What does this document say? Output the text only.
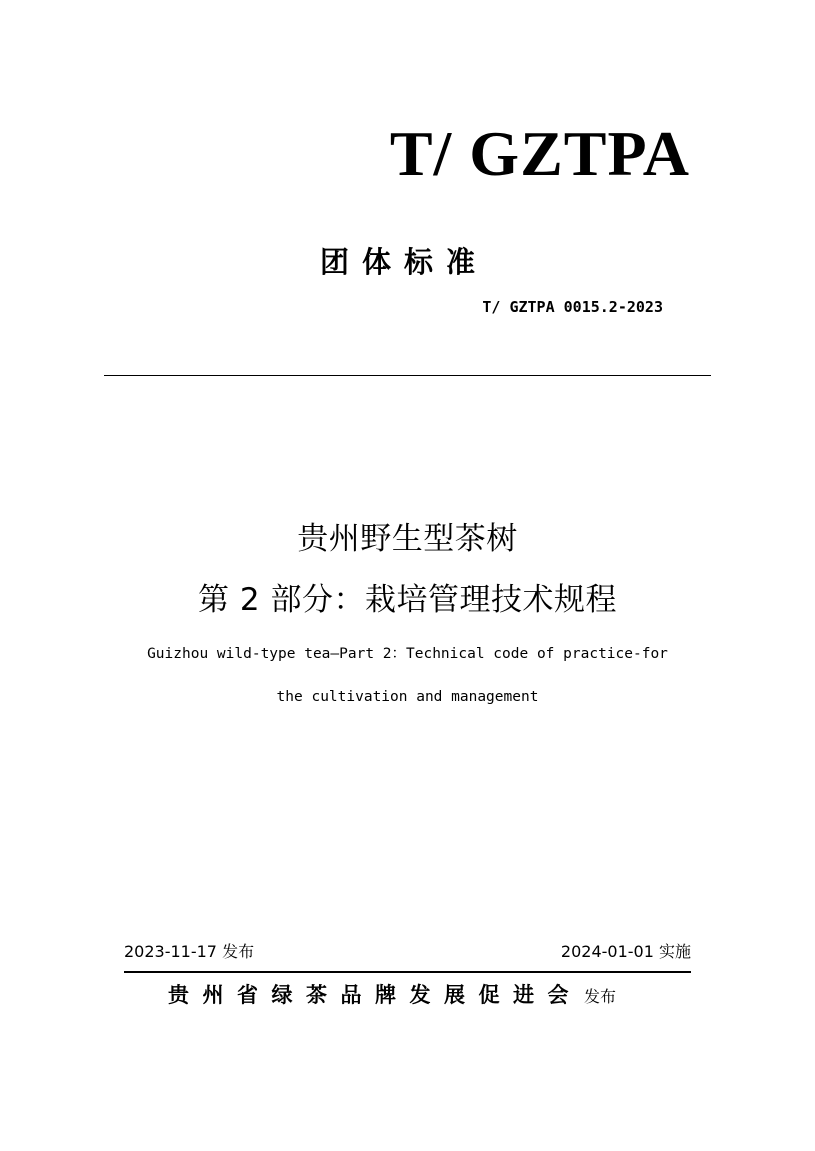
T/ GZTPA
团体标准
T/ GZTPA 0015.2-2023
贵州野生型茶树
第 2 部分：栽培管理技术规程
Guizhou wild-type tea—Part 2：Technical code of practice-for
the cultivation and management
2023-11-17 发布	2024-01-01 实施
贵州省绿茶品牌发展促进会 发布
